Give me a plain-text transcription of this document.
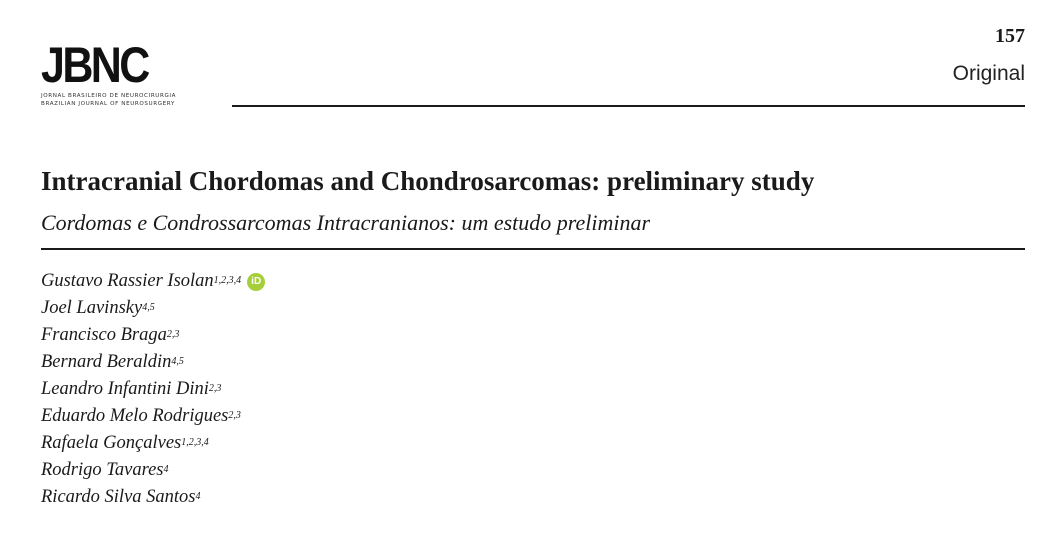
JBNC
JORNAL BRASILEIRO DE NEUROCIRURGIA
BRAZILIAN JOURNAL OF NEUROSURGERY
157
Original
Intracranial Chordomas and Chondrosarcomas: preliminary study
Cordomas e Condrossarcomas Intracranianos: um estudo preliminar
Gustavo Rassier Isolan$^{1,2,3,4}$	iD
Joel Lavinsky$^{4,5}$
Francisco Braga$^{2,3}$
Bernard Beraldin$^{4,5}$
Leandro Infantini Dini$^{2,3}$
Eduardo Melo Rodrigues$^{2,3}$
Rafaela Gonçalves$^{1,2,3,4}$
Rodrigo Tavares$^4$
Ricardo Silva Santos$^4$
